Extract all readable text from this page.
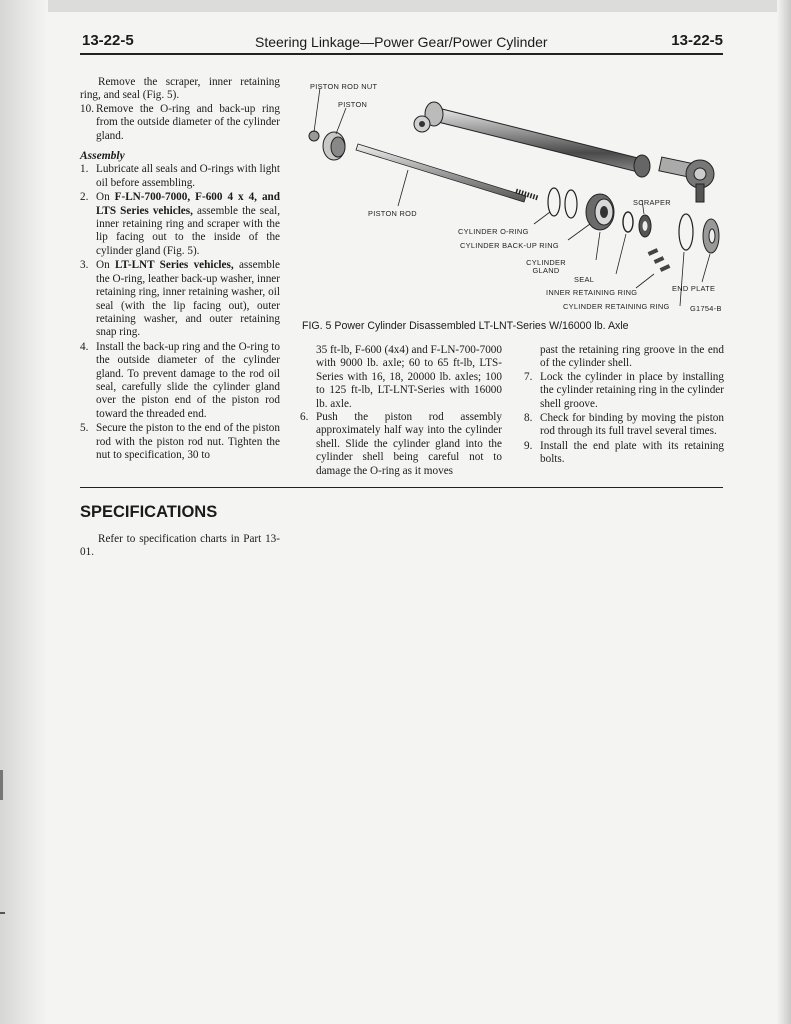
13-22-5	Steering Linkage—Power Gear/Power Cylinder	13-22-5

Remove the scraper, inner retaining ring, and seal (Fig. 5).

10. Remove the O-ring and back-up ring from the outside diameter of the cylinder gland.

Assembly

1. Lubricate all seals and O-rings with light oil before assembling.
2. On F-LN-700-7000, F-600 4 x 4, and LTS Series vehicles, assemble the seal, inner retaining ring and scraper with the lip facing out to the inside of the cylinder gland (Fig. 5).
3. On LT-LNT Series vehicles, assemble the O-ring, leather back-up washer, inner retaining ring, inner retaining washer, oil seal (with the lip facing out), outer retaining washer, and outer retaining snap ring.
4. Install the back-up ring and the O-ring to the outside diameter of the cylinder gland. To prevent damage to the rod oil seal, carefully slide the cylinder gland over the piston end of the piston rod toward the threaded end.
5. Secure the piston to the end of the piston rod with the piston rod nut. Tighten the nut to specification, 30 to
PISTON ROD NUT
PISTON
PISTON ROD
CYLINDER O-RING
CYLINDER BACK-UP RING
CYLINDER GLAND
SEAL
SCRAPER
INNER RETAINING RING	END PLATE
CYLINDER RETAINING RING	G1754-B
FIG. 5 Power Cylinder Disassembled LT-LNT-Series W/16000 lb. Axle

35 ft-lb, F-600 (4x4) and F-LN-700-7000 with 9000 lb. axle; 60 to 65 ft-lb, LTS-Series with 16, 18, 20000 lb. axles; 100 to 125 ft-lb, LT-LNT-Series with 16000 lb. axle.

6. Push the piston rod assembly approximately half way into the cylinder shell. Slide the cylinder gland into the cylinder shell being careful not to damage the O-ring as it moves

past the retaining ring groove in the end of the cylinder shell.

7. Lock the cylinder in place by installing the cylinder retaining ring in the cylinder shell groove.
8. Check for binding by moving the piston rod through its full travel several times.
9. Install the end plate with its retaining bolts.
SPECIFICATIONS

Refer to specification charts in Part 13-01.
